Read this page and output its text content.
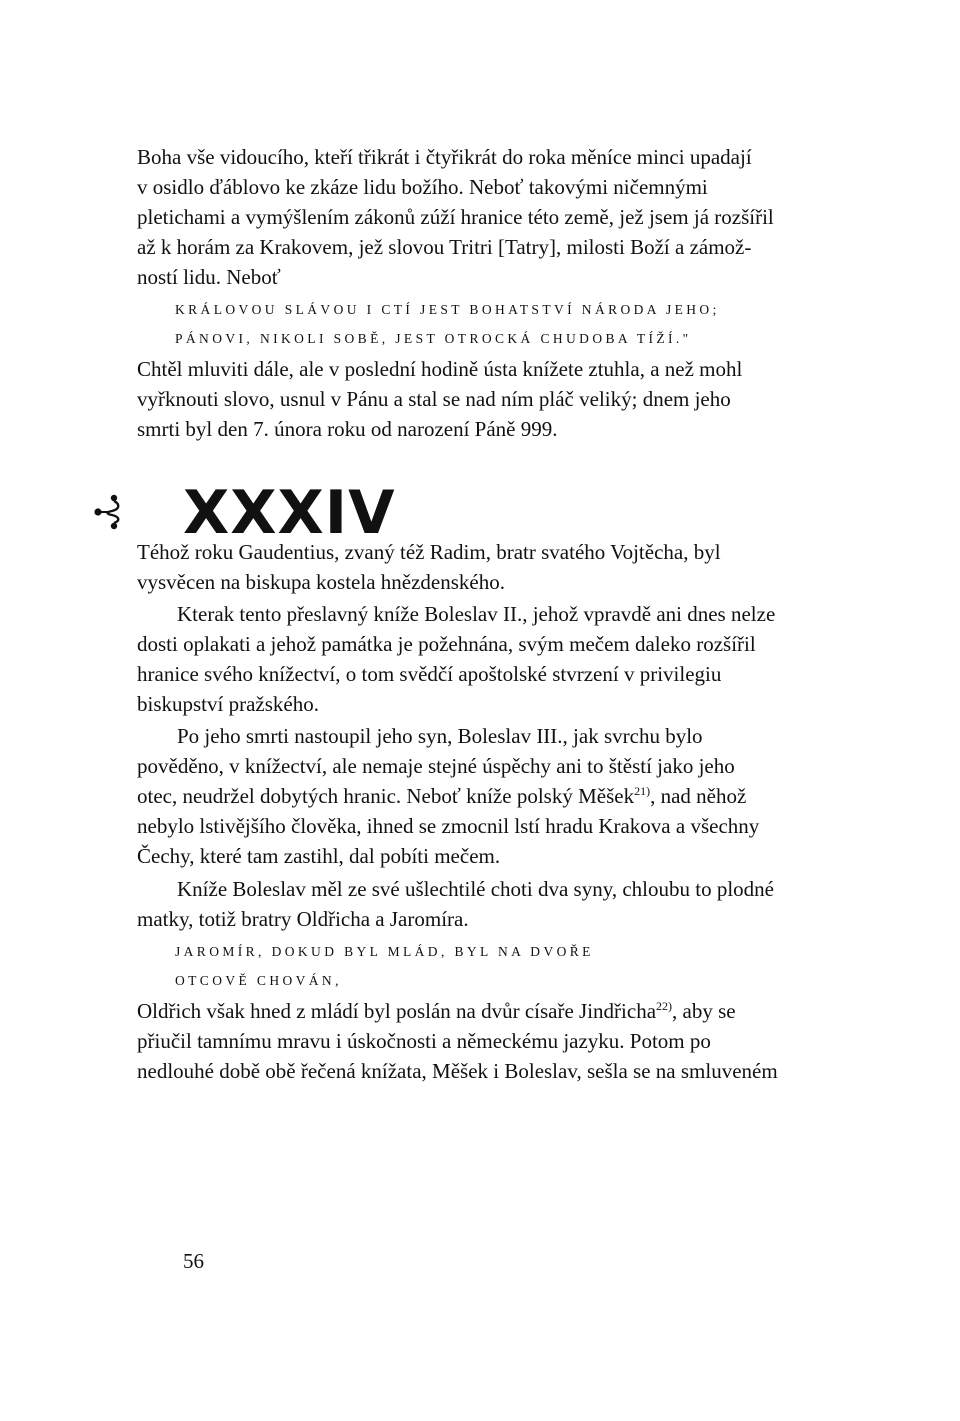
Boha vše vidoucího, kteří třikrát i čtyřikrát do roka měníce minci upadají
v osidlo ďáblovo ke zkáze lidu božího. Neboť takovými ničemnými
pletichami a vymýšlením zákonů zúží hranice této země, jež jsem já rozšířil
až k horám za Krakovem, jež slovou Tritri [Tatry], milosti Boží a zámož-
ností lidu. Neboť

KRÁLOVOU SLÁVOU I CTÍ JEST BOHATSTVÍ NÁRODA JEHO;

PÁNOVI, NIKOLI SOBĚ, JEST OTROCKÁ CHUDOBA TÍŽÍ."

Chtěl mluviti dále, ale v poslední hodině ústa knížete ztuhla, a než mohl
vyřknouti slovo, usnul v Pánu a stal se nad ním pláč veliký; dnem jeho
smrti byl den 7. února roku od narození Páně 999.
XXXIV
Téhož roku Gaudentius, zvaný též Radim, bratr svatého Vojtěcha, byl
vysvěcen na biskupa kostela hnězdenského.
Kterak tento přeslavný kníže Boleslav II., jehož vpravdě ani dnes nelze
dosti oplakati a jehož památka je požehnána, svým mečem daleko rozšířil
hranice svého knížectví, o tom svědčí apoštolské stvrzení v privilegiu
biskupství pražského.
Po jeho smrti nastoupil jeho syn, Boleslav III., jak svrchu bylo
pověděno, v knížectví, ale nemaje stejné úspěchy ani to štěstí jako jeho
otec, neudržel dobytých hranic. Neboť kníže polský Měšek$^{21)}$, nad něhož
nebylo lstivějšího člověka, ihned se zmocnil lstí hradu Krakova a všechny
Čechy, které tam zastihl, dal pobíti mečem.
Kníže Boleslav měl ze své ušlechtilé choti dva syny, chloubu to plodné
matky, totiž bratry Oldřicha a Jaromíra.

JAROMÍR, DOKUD BYL MLÁD, BYL NA DVOŘE

OTCOVĚ CHOVÁN,

Oldřich však hned z mládí byl poslán na dvůr císaře Jindřicha$^{22)}$, aby se
přiučil tamnímu mravu i úskočnosti a německému jazyku. Potom po
nedlouhé době obě řečená knížata, Měšek i Boleslav, sešla se na smluveném

56
